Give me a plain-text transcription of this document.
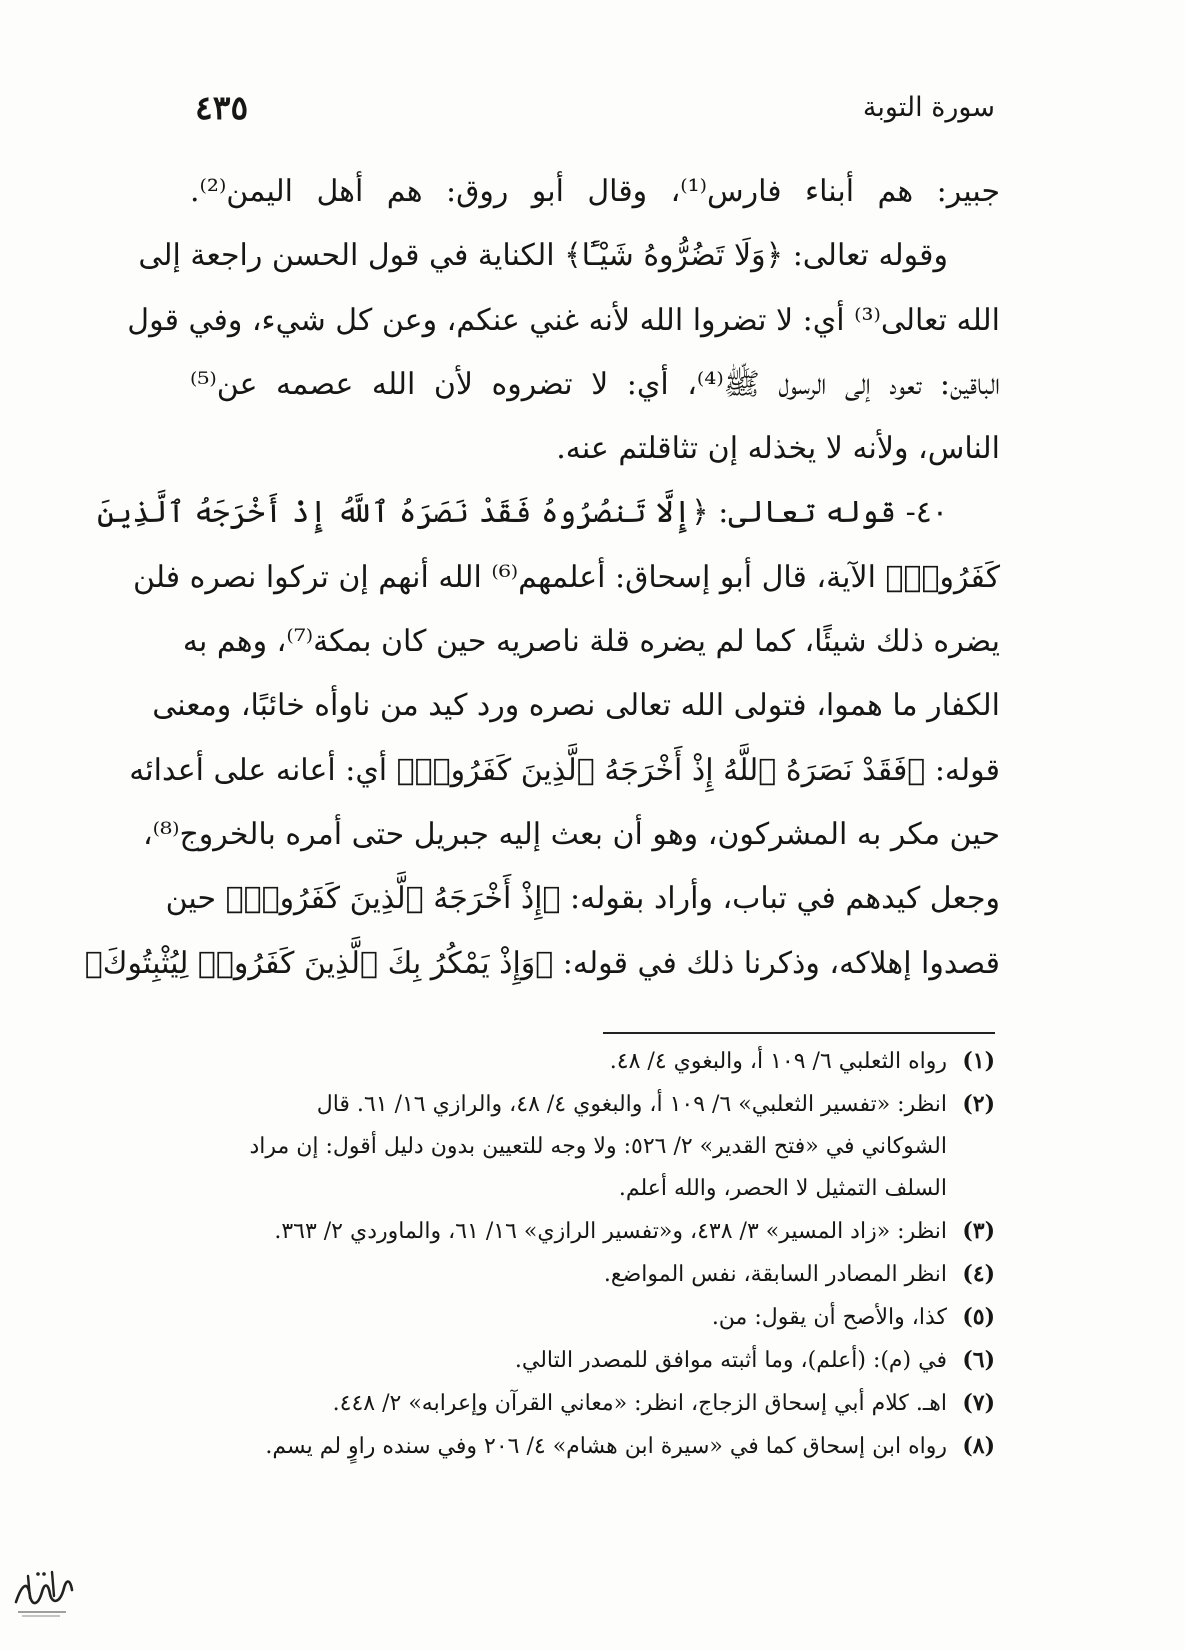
سورة التوبة
٤٣٥
جبير: هم أبناء فارس⁽¹⁾، وقال أبو روق: هم أهل اليمن⁽²⁾.
وقوله تعالى: ﴿وَلَا تَضُرُّوهُ شَيْـًٔا﴾ الكناية في قول الحسن راجعة إلى
الله تعالى⁽³⁾ أي: لا تضروا الله لأنه غني عنكم، وعن كل شيء، وفي قول
الباقين: تعود إلى الرسول ﷺ⁽⁴⁾، أي: لا تضروه لأن الله عصمه عن⁽⁵⁾
الناس، ولأنه لا يخذله إن تثاقلتم عنه.
٤٠- قوله تعالى: ﴿إِلَّا تَنصُرُوهُ فَقَدْ نَصَرَهُ ٱللَّهُ إِذْ أَخْرَجَهُ ٱلَّذِينَ
كَفَرُوا۟﴾ الآية، قال أبو إسحاق: أعلمهم⁽⁶⁾ الله أنهم إن تركوا نصره فلن
يضره ذلك شيئًا، كما لم يضره قلة ناصريه حين كان بمكة⁽⁷⁾، وهم به
الكفار ما هموا، فتولى الله تعالى نصره ورد كيد من ناوأه خائبًا، ومعنى
قوله: ﴿فَقَدْ نَصَرَهُ ٱللَّهُ إِذْ أَخْرَجَهُ ٱلَّذِينَ كَفَرُوا۟﴾ أي: أعانه على أعدائه
حين مكر به المشركون، وهو أن بعث إليه جبريل حتى أمره بالخروج⁽⁸⁾،
وجعل كيدهم في تباب، وأراد بقوله: ﴿إِذْ أَخْرَجَهُ ٱلَّذِينَ كَفَرُوا۟﴾ حين
قصدوا إهلاكه، وذكرنا ذلك في قوله: ﴿وَإِذْ يَمْكُرُ بِكَ ٱلَّذِينَ كَفَرُوا۟ لِيُثْبِتُوكَ﴾
(١)رواه الثعلبي ٦/ ١٠٩ أ، والبغوي ٤/ ٤٨.
(٢)انظر: «تفسير الثعلبي» ٦/ ١٠٩ أ، والبغوي ٤/ ٤٨، والرازي ١٦/ ٦١. قال
الشوكاني في «فتح القدير» ٢/ ٥٢٦: ولا وجه للتعيين بدون دليل أقول: إن مراد
السلف التمثيل لا الحصر، والله أعلم.
(٣)انظر: «زاد المسير» ٣/ ٤٣٨، و«تفسير الرازي» ١٦/ ٦١، والماوردي ٢/ ٣٦٣.
(٤)انظر المصادر السابقة، نفس المواضع.
(٥)كذا، والأصح أن يقول: من.
(٦)في (م): (أعلم)، وما أثبته موافق للمصدر التالي.
(٧)اهـ. كلام أبي إسحاق الزجاج، انظر: «معاني القرآن وإعرابه» ٢/ ٤٤٨.
(٨)رواه ابن إسحاق كما في «سيرة ابن هشام» ٤/ ٢٠٦ وفي سنده راوٍ لم يسم.
